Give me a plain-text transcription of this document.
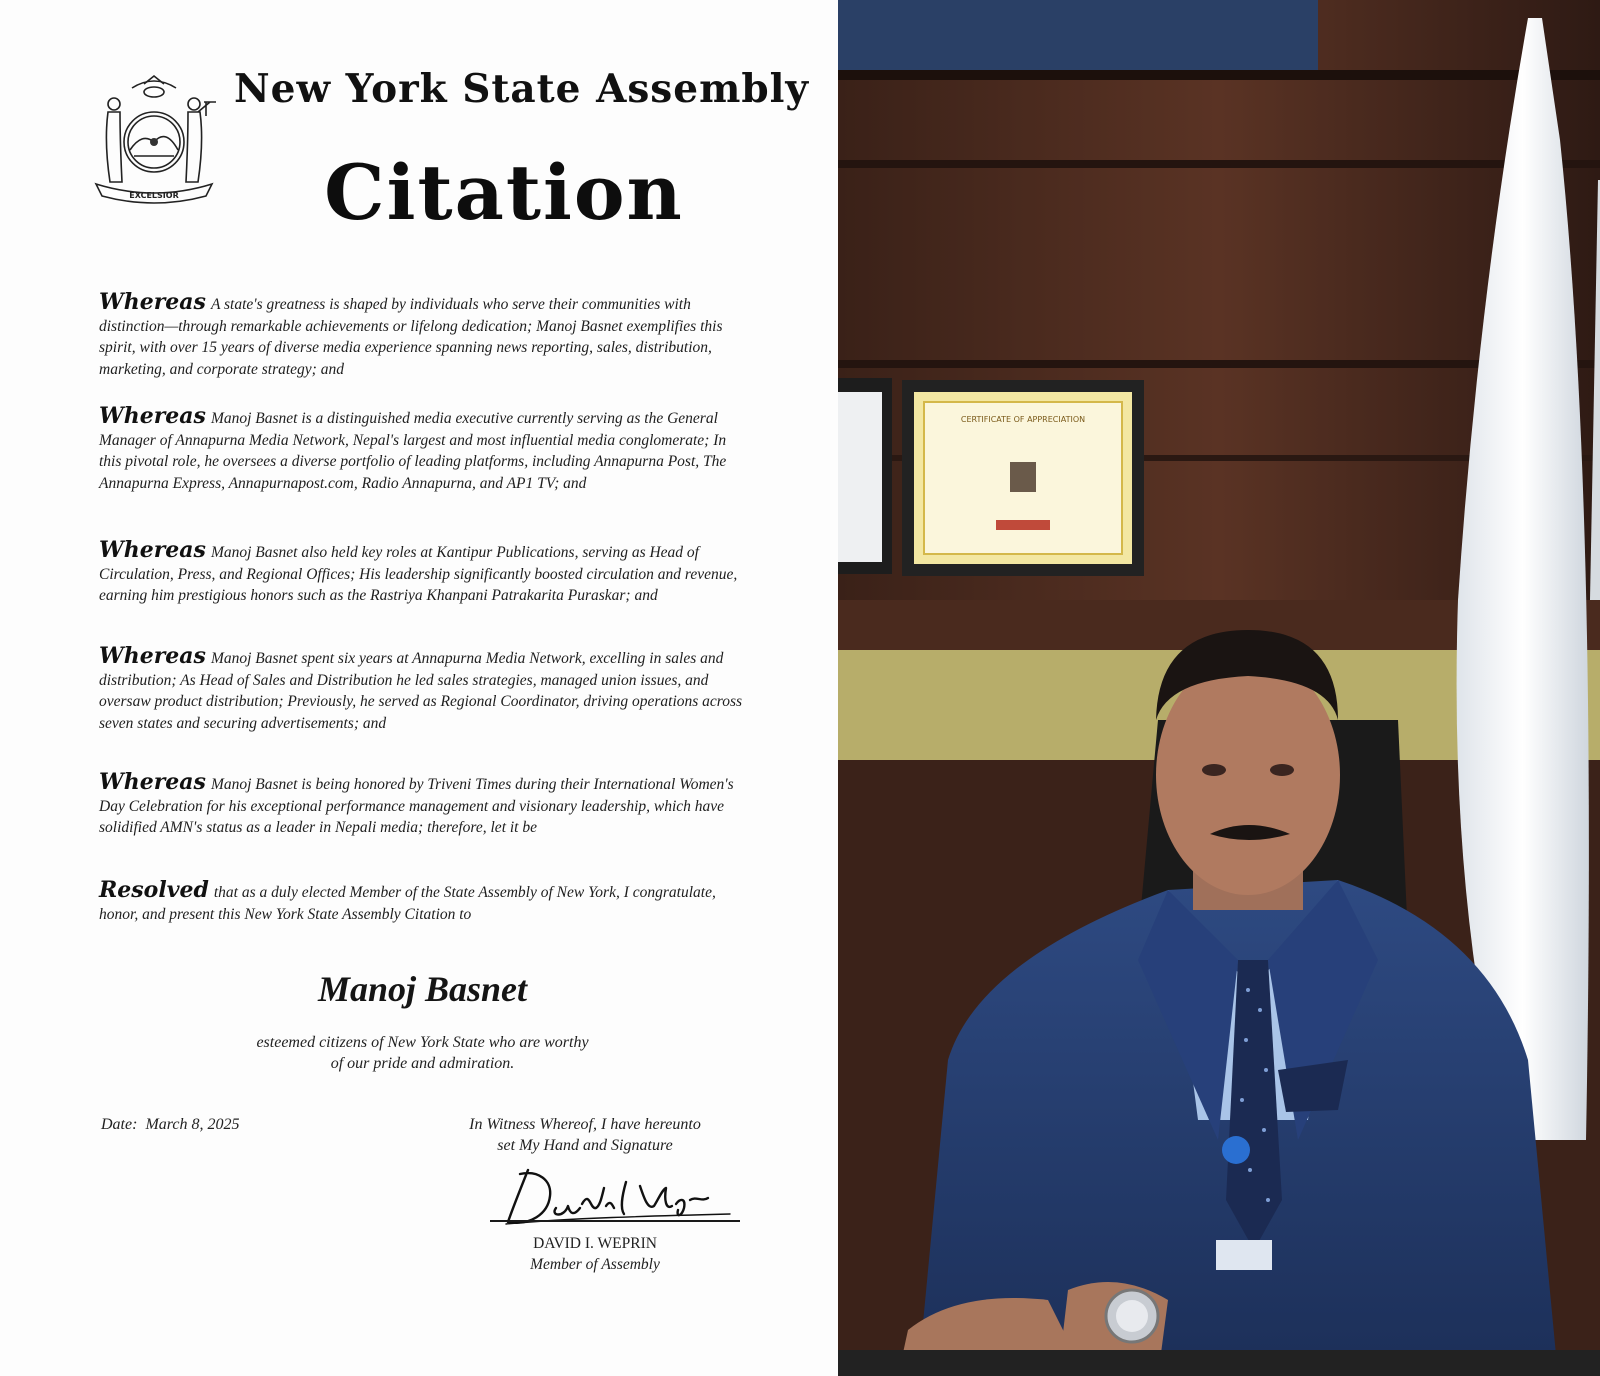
EXCELSIOR
New York State Assembly
Citation
Whereas A state's greatness is shaped by individuals who serve their communities with distinction—through remarkable achievements or lifelong dedication; Manoj Basnet exemplifies this spirit, with over 15 years of diverse media experience spanning news reporting, sales, distribution, marketing, and corporate strategy; and
Whereas Manoj Basnet is a distinguished media executive currently serving as the General Manager of Annapurna Media Network, Nepal's largest and most influential media conglomerate; In this pivotal role, he oversees a diverse portfolio of leading platforms, including Annapurna Post, The Annapurna Express, Annapurnapost.com, Radio Annapurna, and AP1 TV; and
Whereas Manoj Basnet also held key roles at Kantipur Publications, serving as Head of Circulation, Press, and Regional Offices; His leadership significantly boosted circulation and revenue, earning him prestigious honors such as the Rastriya Khanpani Patrakarita Puraskar; and
Whereas Manoj Basnet spent six years at Annapurna Media Network, excelling in sales and distribution; As Head of Sales and Distribution he led sales strategies, managed union issues, and oversaw product distribution; Previously, he served as Regional Coordinator, driving operations across seven states and securing advertisements; and
Whereas Manoj Basnet is being honored by Triveni Times during their International Women's Day Celebration for his exceptional performance management and visionary leadership, which have solidified AMN's status as a leader in Nepali media; therefore, let it be
Resolved that as a duly elected Member of the State Assembly of New York, I congratulate, honor, and present this New York State Assembly Citation to
Manoj Basnet
esteemed citizens of New York State who are worthy
of our pride and admiration.
Date: March 8, 2025	In Witness Whereof, I have hereunto
set My Hand and Signature
DAVID I. WEPRIN
Member of Assembly
CERTIFICATE OF APPRECIATION
